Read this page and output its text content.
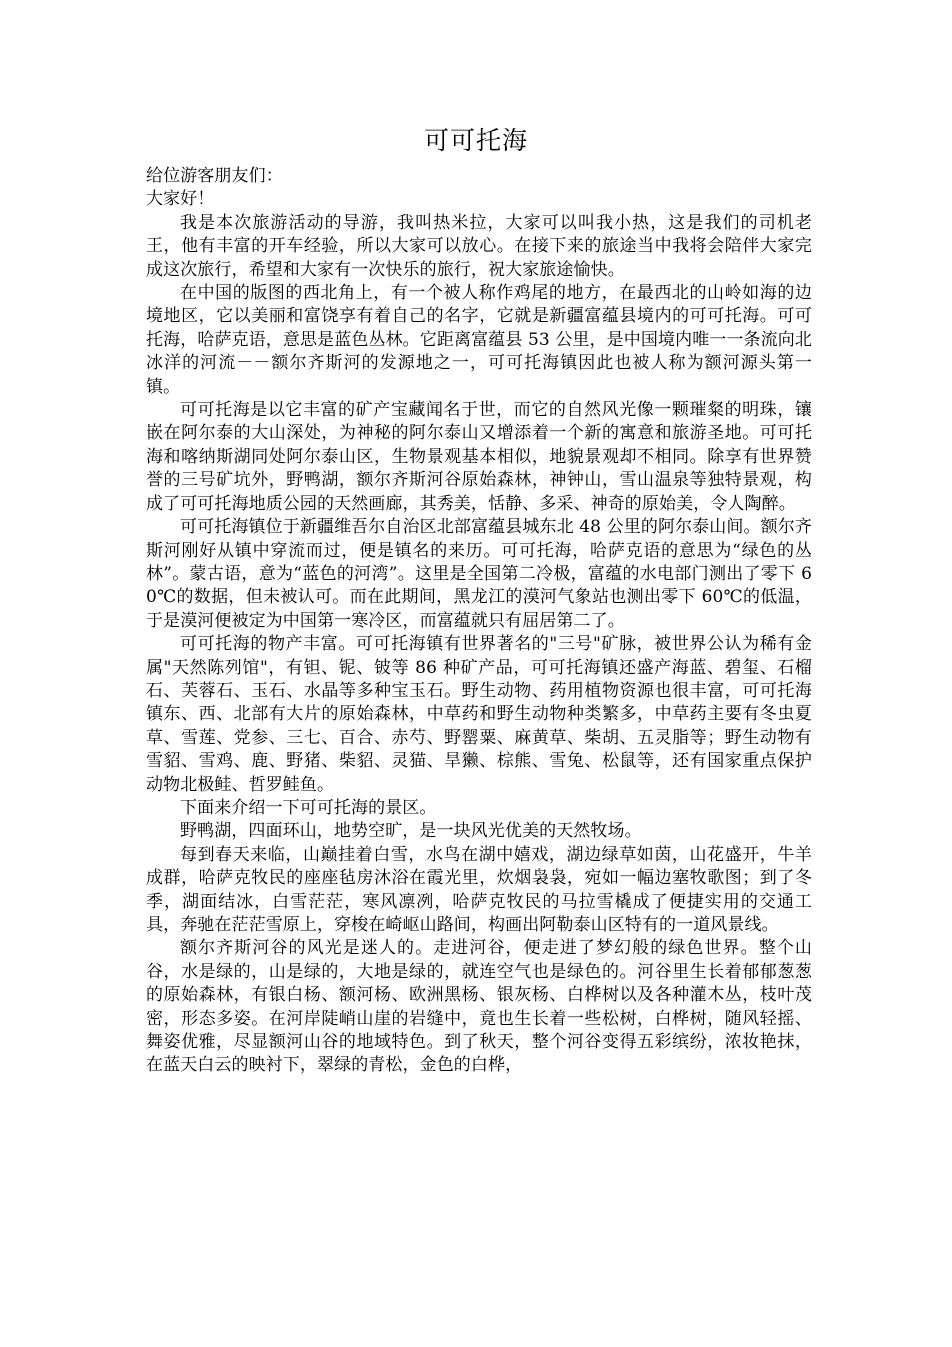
可可托海

给位游客朋友们：

大家好！

我是本次旅游活动的导游，我叫热米拉，大家可以叫我小热，这是我们的司机老王，他有丰富的开车经验，所以大家可以放心。在接下来的旅途当中我将会陪伴大家完成这次旅行，希望和大家有一次快乐的旅行，祝大家旅途愉快。

在中国的版图的西北角上，有一个被人称作鸡尾的地方，在最西北的山岭如海的边境地区，它以美丽和富饶享有着自己的名字，它就是新疆富蕴县境内的可可托海。可可托海，哈萨克语，意思是蓝色丛林。它距离富蕴县 53 公里，是中国境内唯一一条流向北冰洋的河流－－额尔齐斯河的发源地之一，可可托海镇因此也被人称为额河源头第一镇。

可可托海是以它丰富的矿产宝藏闻名于世，而它的自然风光像一颗璀粲的明珠，镶嵌在阿尔泰的大山深处，为神秘的阿尔泰山又增添着一个新的寓意和旅游圣地。可可托海和喀纳斯湖同处阿尔泰山区，生物景观基本相似，地貌景观却不相同。除享有世界赞誉的三号矿坑外，野鸭湖，额尔齐斯河谷原始森林，神钟山，雪山温泉等独特景观，构成了可可托海地质公园的天然画廊，其秀美，恬静、多采、神奇的原始美，令人陶醉。

可可托海镇位于新疆维吾尔自治区北部富蕴县城东北 48 公里的阿尔泰山间。额尔齐斯河刚好从镇中穿流而过，便是镇名的来历。可可托海，哈萨克语的意思为“绿色的丛林”。蒙古语，意为“蓝色的河湾”。这里是全国第二冷极，富蕴的水电部门测出了零下 60℃的数据，但未被认可。而在此期间，黑龙江的漠河气象站也测出零下 60℃的低温，于是漠河便被定为中国第一寒冷区，而富蕴就只有屈居第二了。

可可托海的物产丰富。可可托海镇有世界著名的"三号"矿脉，被世界公认为稀有金属"天然陈列馆"，有钽、铌、铍等 86 种矿产品，可可托海镇还盛产海蓝、碧玺、石榴石、芙蓉石、玉石、水晶等多种宝玉石。野生动物、药用植物资源也很丰富，可可托海镇东、西、北部有大片的原始森林，中草药和野生动物种类繁多，中草药主要有冬虫夏草、雪莲、党参、三七、百合、赤芍、野罂粟、麻黄草、柴胡、五灵脂等；野生动物有雪貂、雪鸡、鹿、野猪、柴貂、灵猫、旱獭、棕熊、雪兔、松鼠等，还有国家重点保护动物北极鲑、哲罗鲑鱼。

下面来介绍一下可可托海的景区。

野鸭湖，四面环山，地势空旷，是一块风光优美的天然牧场。

每到春天来临，山巅挂着白雪，水鸟在湖中嬉戏，湖边绿草如茵，山花盛开，牛羊成群，哈萨克牧民的座座毡房沐浴在霞光里，炊烟袅袅，宛如一幅边塞牧歌图；到了冬季，湖面结冰，白雪茫茫，寒风凛冽，哈萨克牧民的马拉雪橇成了便捷实用的交通工具，奔驰在茫茫雪原上，穿梭在崎岖山路间，构画出阿勒泰山区特有的一道风景线。

额尔齐斯河谷的风光是迷人的。走进河谷，便走进了梦幻般的绿色世界。整个山谷，水是绿的，山是绿的，大地是绿的，就连空气也是绿色的。河谷里生长着郁郁葱葱的原始森林，有银白杨、额河杨、欧洲黑杨、银灰杨、白桦树以及各种灌木丛，枝叶茂密，形态多姿。在河岸陡峭山崖的岩缝中，竟也生长着一些松树，白桦树，随风轻摇、舞姿优雅，尽显额河山谷的地域特色。到了秋天，整个河谷变得五彩缤纷，浓妆艳抹，在蓝天白云的映衬下，翠绿的青松，金色的白桦，
